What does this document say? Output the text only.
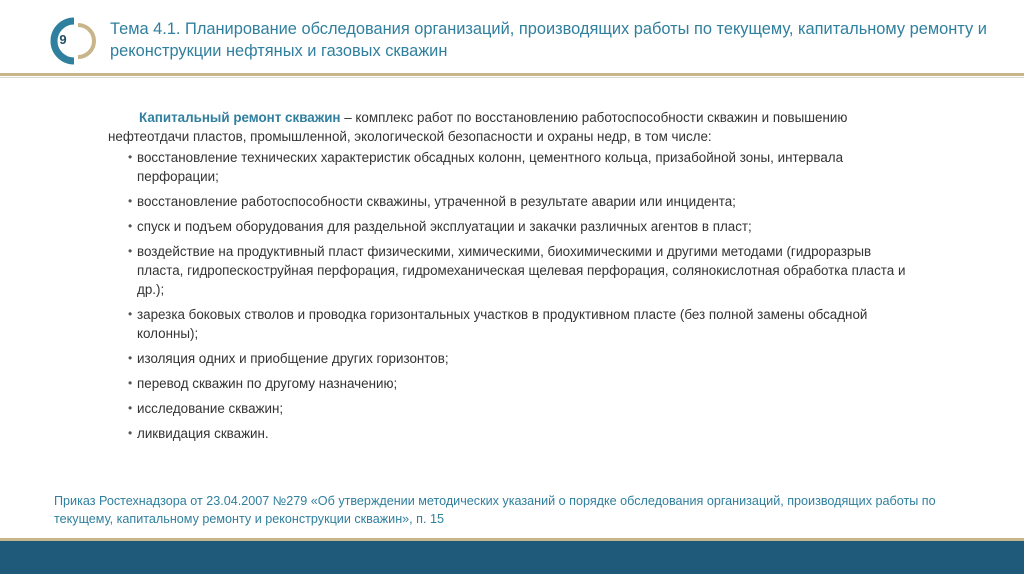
9
Тема 4.1. Планирование обследования организаций, производящих работы по текущему, капитальному ремонту и реконструкции нефтяных и газовых скважин

Капитальный ремонт скважин – комплекс работ по восстановлению работоспособности скважин и повышению нефтеотдачи пластов, промышленной, экологической безопасности и охраны недр, в том числе:

• восстановление технических характеристик обсадных колонн, цементного кольца, призабойной зоны, интервала перфорации;
• восстановление работоспособности скважины, утраченной в результате аварии или инцидента;
• спуск и подъем оборудования для раздельной эксплуатации и закачки различных агентов в пласт;
• воздействие на продуктивный пласт физическими, химическими, биохимическими и другими методами (гидроразрыв пласта, гидропескоструйная перфорация, гидромеханическая щелевая перфорация, солянокислотная обработка пласта и др.);
• зарезка боковых стволов и проводка горизонтальных участков в продуктивном пласте (без полной замены обсадной колонны);
• изоляция одних и приобщение других горизонтов;
• перевод скважин по другому назначению;
• исследование скважин;
• ликвидация скважин.
Приказ Ростехнадзора от 23.04.2007 №279 «Об утверждении методических указаний о порядке обследования организаций, производящих работы по текущему, капитальному ремонту и реконструкции скважин», п. 15
